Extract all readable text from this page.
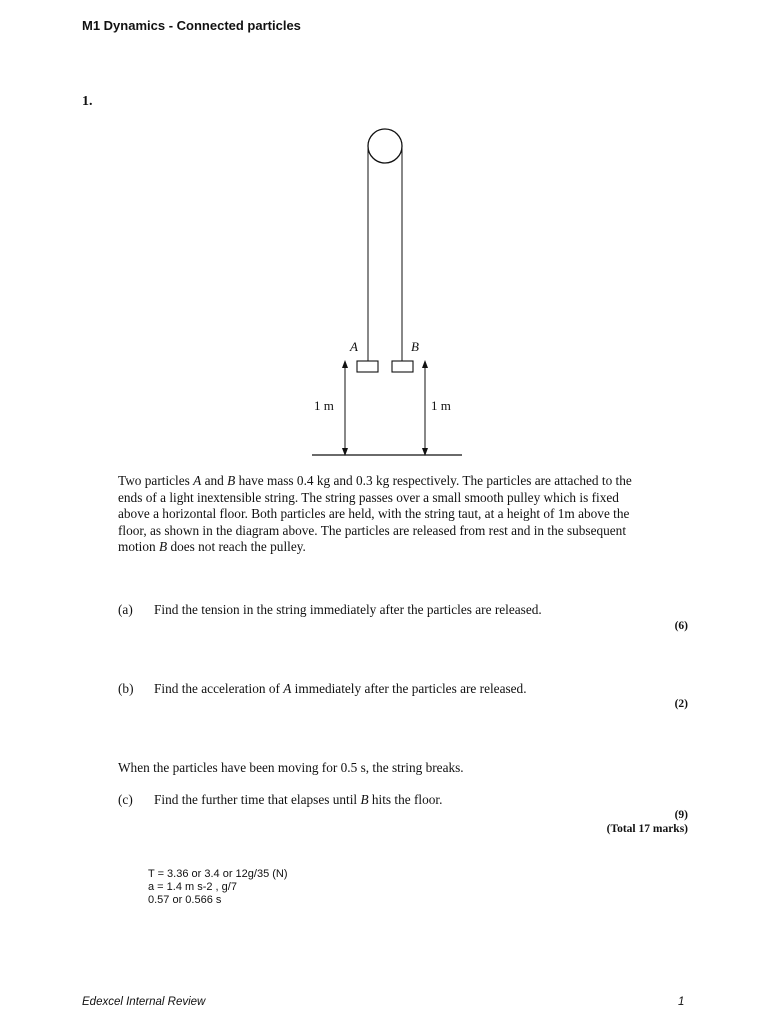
M1 Dynamics - Connected particles
1.
A	B
1 m	1 m
Two particles A and B have mass 0.4 kg and 0.3 kg respectively. The particles are attached to the ends of a light inextensible string. The string passes over a small smooth pulley which is fixed above a horizontal floor. Both particles are held, with the string taut, at a height of 1m above the floor, as shown in the diagram above. The particles are released from rest and in the subsequent motion B does not reach the pulley.
(a) Find the tension in the string immediately after the particles are released.
(6)
(b) Find the acceleration of A immediately after the particles are released.
(2)
When the particles have been moving for 0.5 s, the string breaks.
(c) Find the further time that elapses until B hits the floor.
(9)
(Total 17 marks)
T = 3.36 or 3.4 or 12g/35 (N)
a = 1.4 m s-2 , g/7
0.57 or 0.566 s
Edexcel Internal Review	1
